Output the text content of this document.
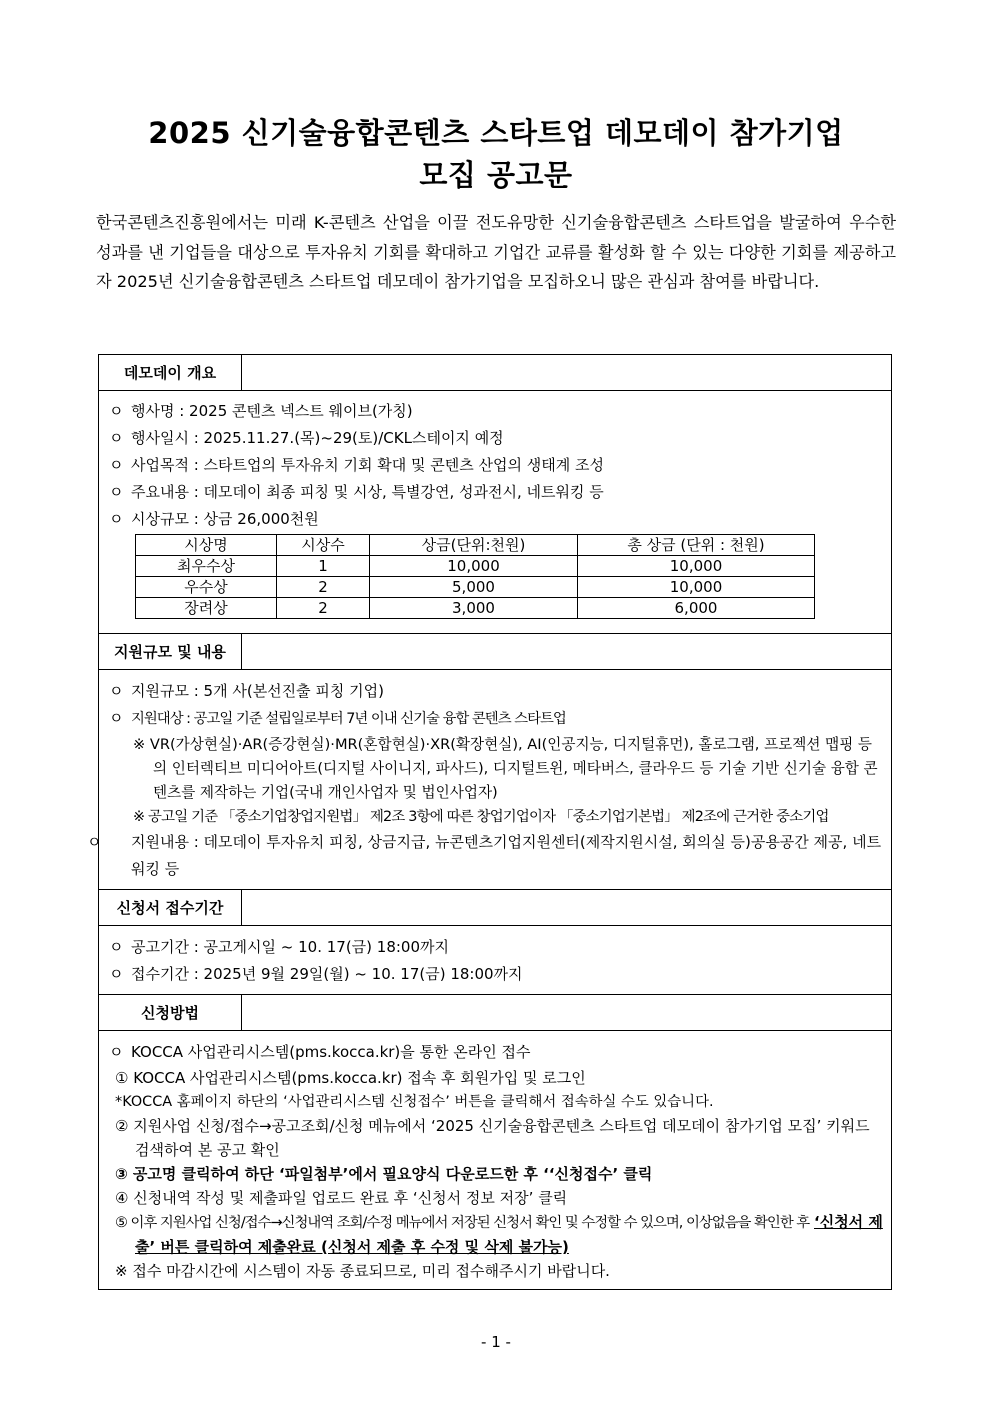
2025 신기술융합콘텐츠 스타트업 데모데이 참가기업
모집 공고문
한국콘텐츠진흥원에서는 미래 K-콘텐츠 산업을 이끌 전도유망한 신기술융합콘텐츠 스타트업을 발굴하여 우수한 성과를 낸 기업들을 대상으로 투자유치 기회를 확대하고 기업간 교류를 활성화 할 수 있는 다양한 기회를 제공하고자 2025년 신기술융합콘텐츠 스타트업 데모데이 참가기업을 모집하오니 많은 관심과 참여를 바랍니다.
데모데이 개요
ㅇ 행사명 : 2025 콘텐츠 넥스트 웨이브(가칭)
ㅇ 행사일시 : 2025.11.27.(목)~29(토)/CKL스테이지 예정
ㅇ 사업목적 : 스타트업의 투자유치 기회 확대 및 콘텐츠 산업의 생태계 조성
ㅇ 주요내용 : 데모데이 최종 피칭 및 시상, 특별강연, 성과전시, 네트워킹 등
ㅇ 시상규모 : 상금 26,000천원
시상명	시상수	상금(단위:천원)	총 상금 (단위 : 천원)
최우수상	1	10,000	10,000
우수상	2	5,000	10,000
장려상	2	3,000	6,000
지원규모 및 내용
ㅇ 지원규모 : 5개 사(본선진출 피칭 기업)
ㅇ 지원대상 : 공고일 기준 설립일로부터 7년 이내 신기술 융합 콘텐츠 스타트업
※ VR(가상현실)·AR(증강현실)·MR(혼합현실)·XR(확장현실), AI(인공지능, 디지털휴먼), 홀로그램, 프로젝션 맵핑 등의 인터렉티브 미디어아트(디지털 사이니지, 파사드), 디지털트윈, 메타버스, 클라우드 등 기술 기반 신기술 융합 콘텐츠를 제작하는 기업(국내 개인사업자 및 법인사업자)
※ 공고일 기준 「중소기업창업지원법」 제2조 3항에 따른 창업기업이자 「중소기업기본법」 제2조에 근거한 중소기업
ㅇ 지원내용 : 데모데이 투자유치 피칭, 상금지급, 뉴콘텐츠기업지원센터(제작지원시설, 회의실 등)공용공간 제공, 네트워킹 등
신청서 접수기간
ㅇ 공고기간 : 공고게시일 ~ 10. 17(금) 18:00까지
ㅇ 접수기간 : 2025년 9월 29일(월) ~ 10. 17(금) 18:00까지
신청방법
ㅇ KOCCA 사업관리시스템(pms.kocca.kr)을 통한 온라인 접수
① KOCCA 사업관리시스템(pms.kocca.kr) 접속 후 회원가입 및 로그인
*KOCCA 홈페이지 하단의 ‘사업관리시스템 신청접수’ 버튼을 클릭해서 접속하실 수도 있습니다.
② 지원사업 신청/접수→공고조회/신청 메뉴에서 ‘2025 신기술융합콘텐츠 스타트업 데모데이 참가기업 모집’ 키워드 검색하여 본 공고 확인
③ 공고명 클릭하여 하단 ‘파일첨부’에서 필요양식 다운로드한 후 ‘‘신청접수’ 클릭
④ 신청내역 작성 및 제출파일 업로드 완료 후 ‘신청서 정보 저장’ 클릭
⑤ 이후 지원사업 신청/접수→신청내역 조회/수정 메뉴에서 저장된 신청서 확인 및 수정할 수 있으며, 이상없음을 확인한 후 ‘신청서 제출’ 버튼 클릭하여 제출완료 (신청서 제출 후 수정 및 삭제 불가능)
※ 접수 마감시간에 시스템이 자동 종료되므로, 미리 접수해주시기 바랍니다.
- 1 -
